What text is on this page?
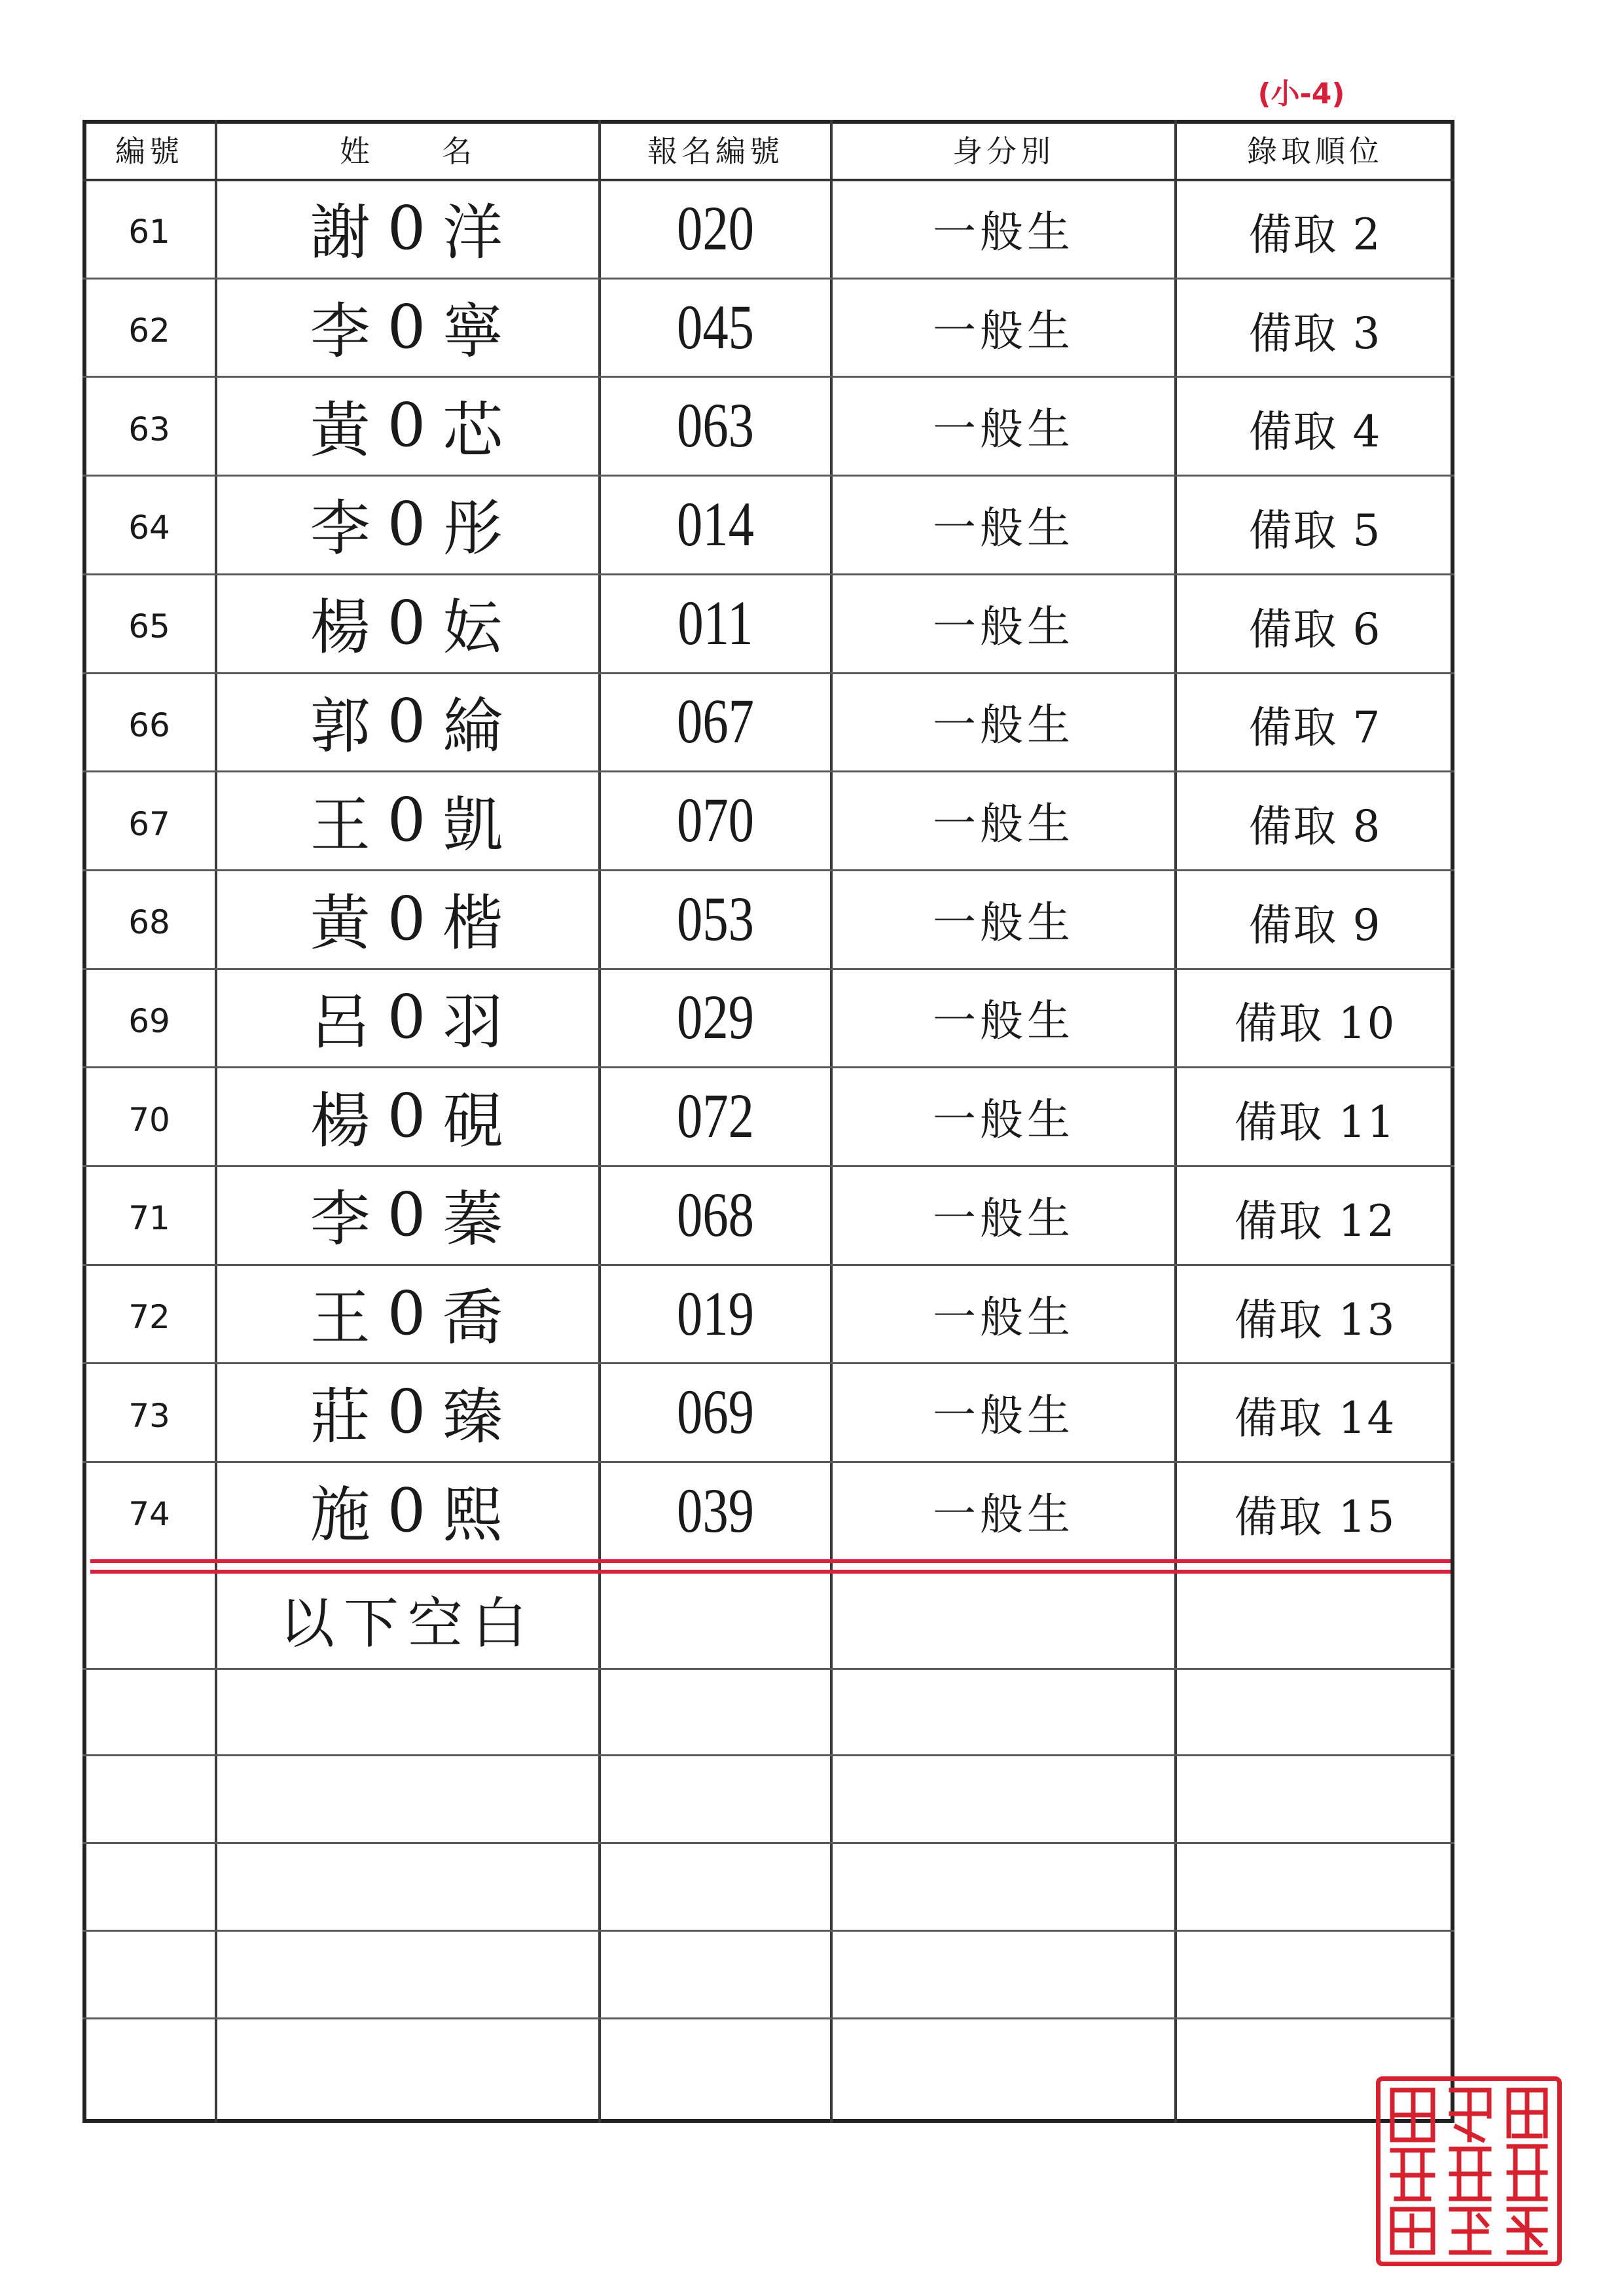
(小-4)
編號	姓　　名	報名編號	身分別	錄取順位
61	謝 0 洋	020	一般生	備取 2
62	李 0 寧	045	一般生	備取 3
63	黃 0 芯	063	一般生	備取 4
64	李 0 彤	014	一般生	備取 5
65	楊 0 妘	011	一般生	備取 6
66	郭 0 綸	067	一般生	備取 7
67	王 0 凱	070	一般生	備取 8
68	黃 0 楷	053	一般生	備取 9
69	呂 0 羽	029	一般生	備取 10
70	楊 0 硯	072	一般生	備取 11
71	李 0 蓁	068	一般生	備取 12
72	王 0 喬	019	一般生	備取 13
73	莊 0 臻	069	一般生	備取 14
74	施 0 熙	039	一般生	備取 15
以下空白
